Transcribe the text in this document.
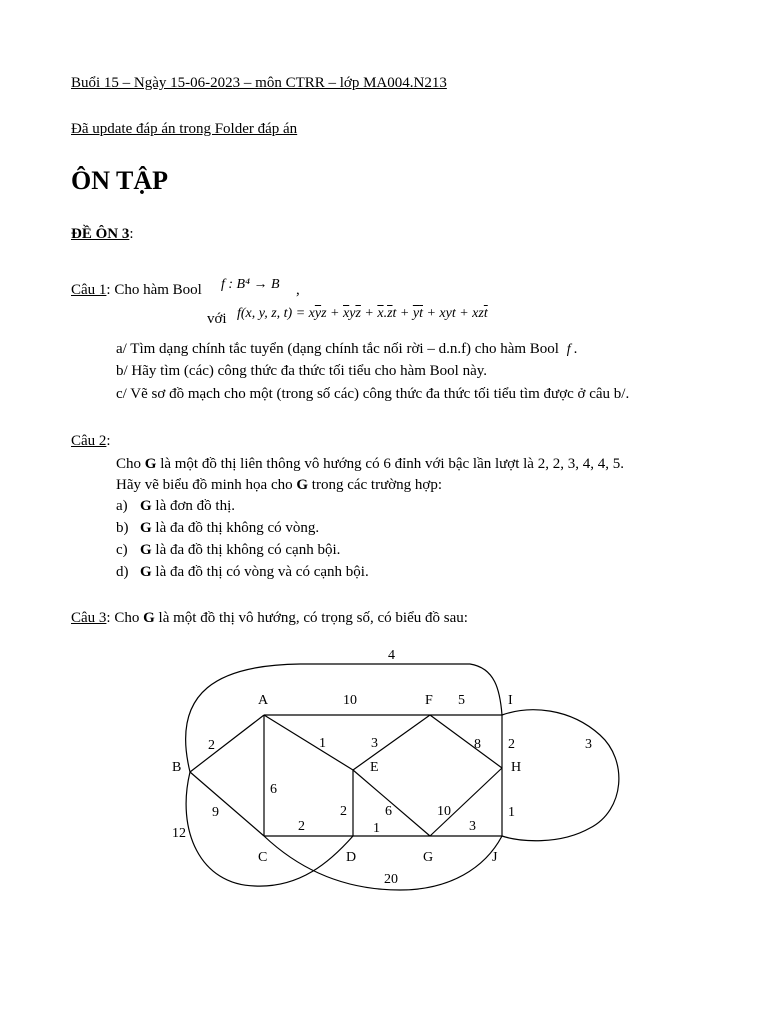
Buổi 15 – Ngày 15-06-2023 – môn CTRR – lớp MA004.N213
Đã update đáp án trong Folder đáp án
ÔN TẬP
ĐỀ ÔN 3:
Câu 1: Cho hàm Bool f : B⁴ → B ,
với f(x, y, z, $t) = x\overline{y}z + \overline{x}y\overline{z} + \overline{x}.\overline{z}t + \overline{y}\overline{t}$ + xyt + $xz\overline{t}$
a/ Tìm dạng chính tắc tuyển (dạng chính tắc nối rời – d.n.f) cho hàm Bool f .
b/ Hãy tìm (các) công thức đa thức tối tiểu cho hàm Bool này.
c/ Vẽ sơ đồ mạch cho một (trong số các) công thức đa thức tối tiểu tìm được ở câu b/.
Câu 2:
Cho G là một đồ thị liên thông vô hướng có 6 đỉnh với bậc lần lượt là 2, 2, 3, 4, 4, 5.
Hãy vẽ biểu đồ minh họa cho G trong các trường hợp:
a) G là đơn đồ thị.
b) G là đa đồ thị không có vòng.
c) G là đa đồ thị không có cạnh bội.
d) G là đa đồ thị có vòng và có cạnh bội.
Câu 3: Cho G là một đồ thị vô hướng, có trọng số, có biểu đồ sau:
A
B
C	D
E
F
G
H
I
J
10	5
4
2	1	3	8 2	3
6
9
12	2
2	6	10
1	3
1
20
